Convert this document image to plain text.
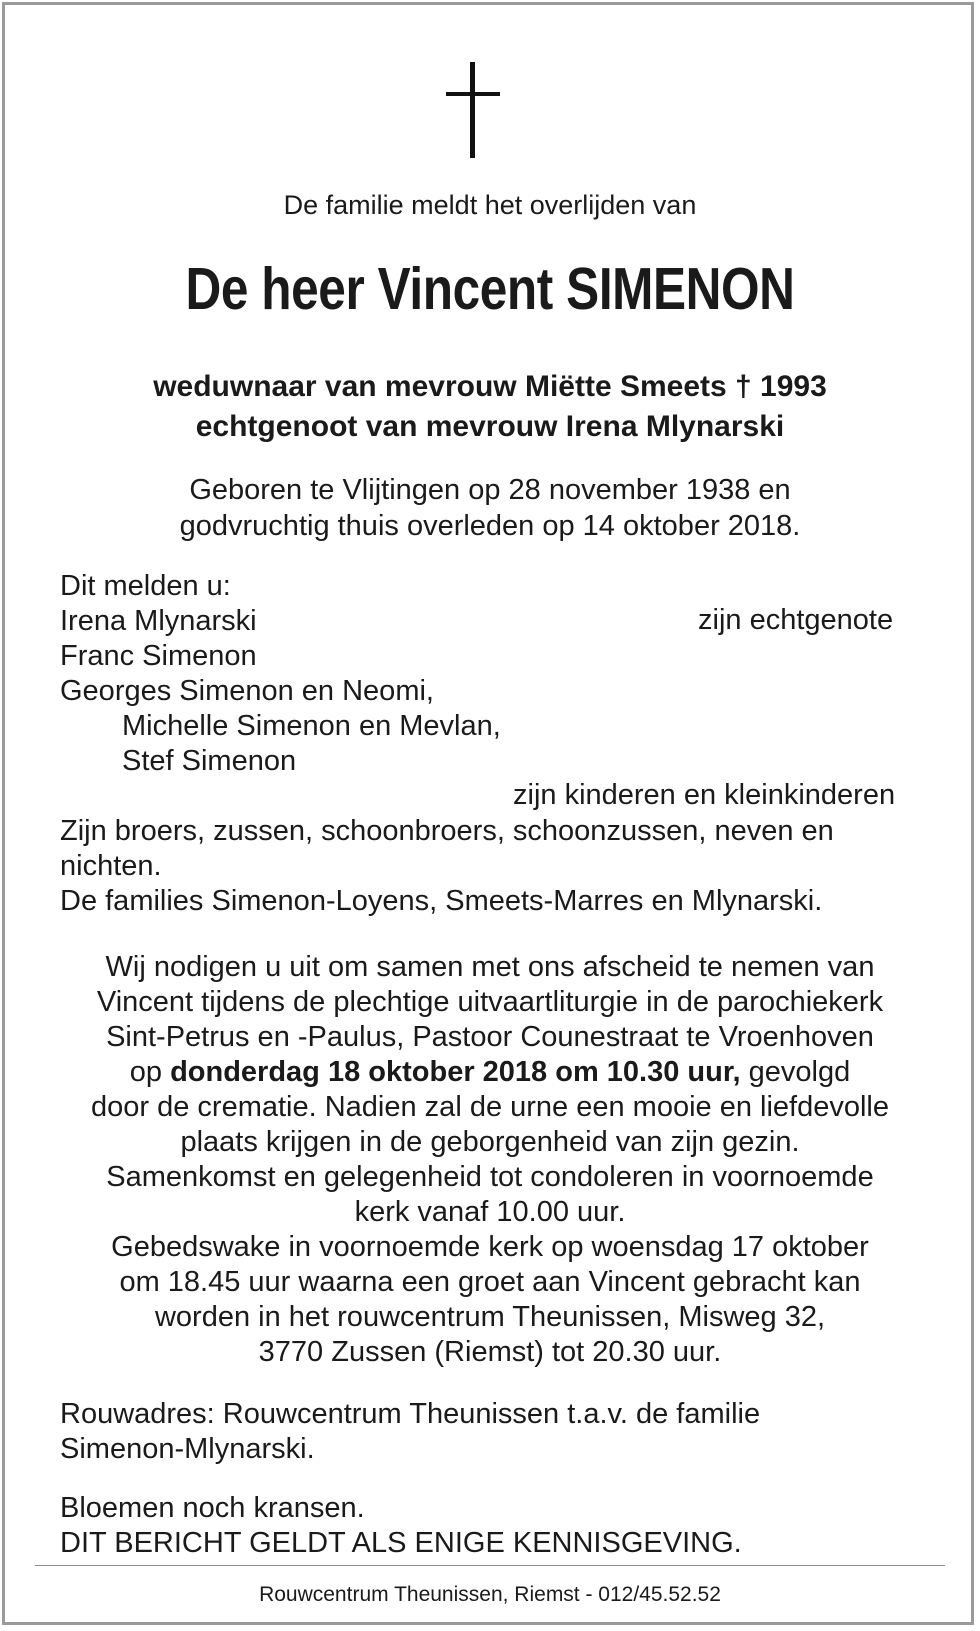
De familie meldt het overlijden van
De heer Vincent SIMENON
weduwnaar van mevrouw Miëtte Smeets † 1993
echtgenoot van mevrouw Irena Mlynarski
Geboren te Vlijtingen op 28 november 1938 en
godvruchtig thuis overleden op 14 oktober 2018.
Dit melden u:
Irena Mlynarski
Franc Simenon
Georges Simenon en Neomi,
Michelle Simenon en Mevlan,
Stef Simenon
Zijn broers, zussen, schoonbroers, schoonzussen, neven en
nichten.
De families Simenon-Loyens, Smeets-Marres en Mlynarski.
zijn echtgenote
zijn kinderen en kleinkinderen
Wij nodigen u uit om samen met ons afscheid te nemen van
Vincent tijdens de plechtige uitvaartliturgie in de parochiekerk
Sint-Petrus en -Paulus, Pastoor Counestraat te Vroenhoven
op donderdag 18 oktober 2018 om 10.30 uur, gevolgd
door de crematie. Nadien zal de urne een mooie en liefdevolle
plaats krijgen in de geborgenheid van zijn gezin.
Samenkomst en gelegenheid tot condoleren in voornoemde
kerk vanaf 10.00 uur.
Gebedswake in voornoemde kerk op woensdag 17 oktober
om 18.45 uur waarna een groet aan Vincent gebracht kan
worden in het rouwcentrum Theunissen, Misweg 32,
3770 Zussen (Riemst) tot 20.30 uur.
Rouwadres: Rouwcentrum Theunissen t.a.v. de familie
Simenon-Mlynarski.
Bloemen noch kransen.
DIT BERICHT GELDT ALS ENIGE KENNISGEVING.
Rouwcentrum Theunissen, Riemst - 012/45.52.52
